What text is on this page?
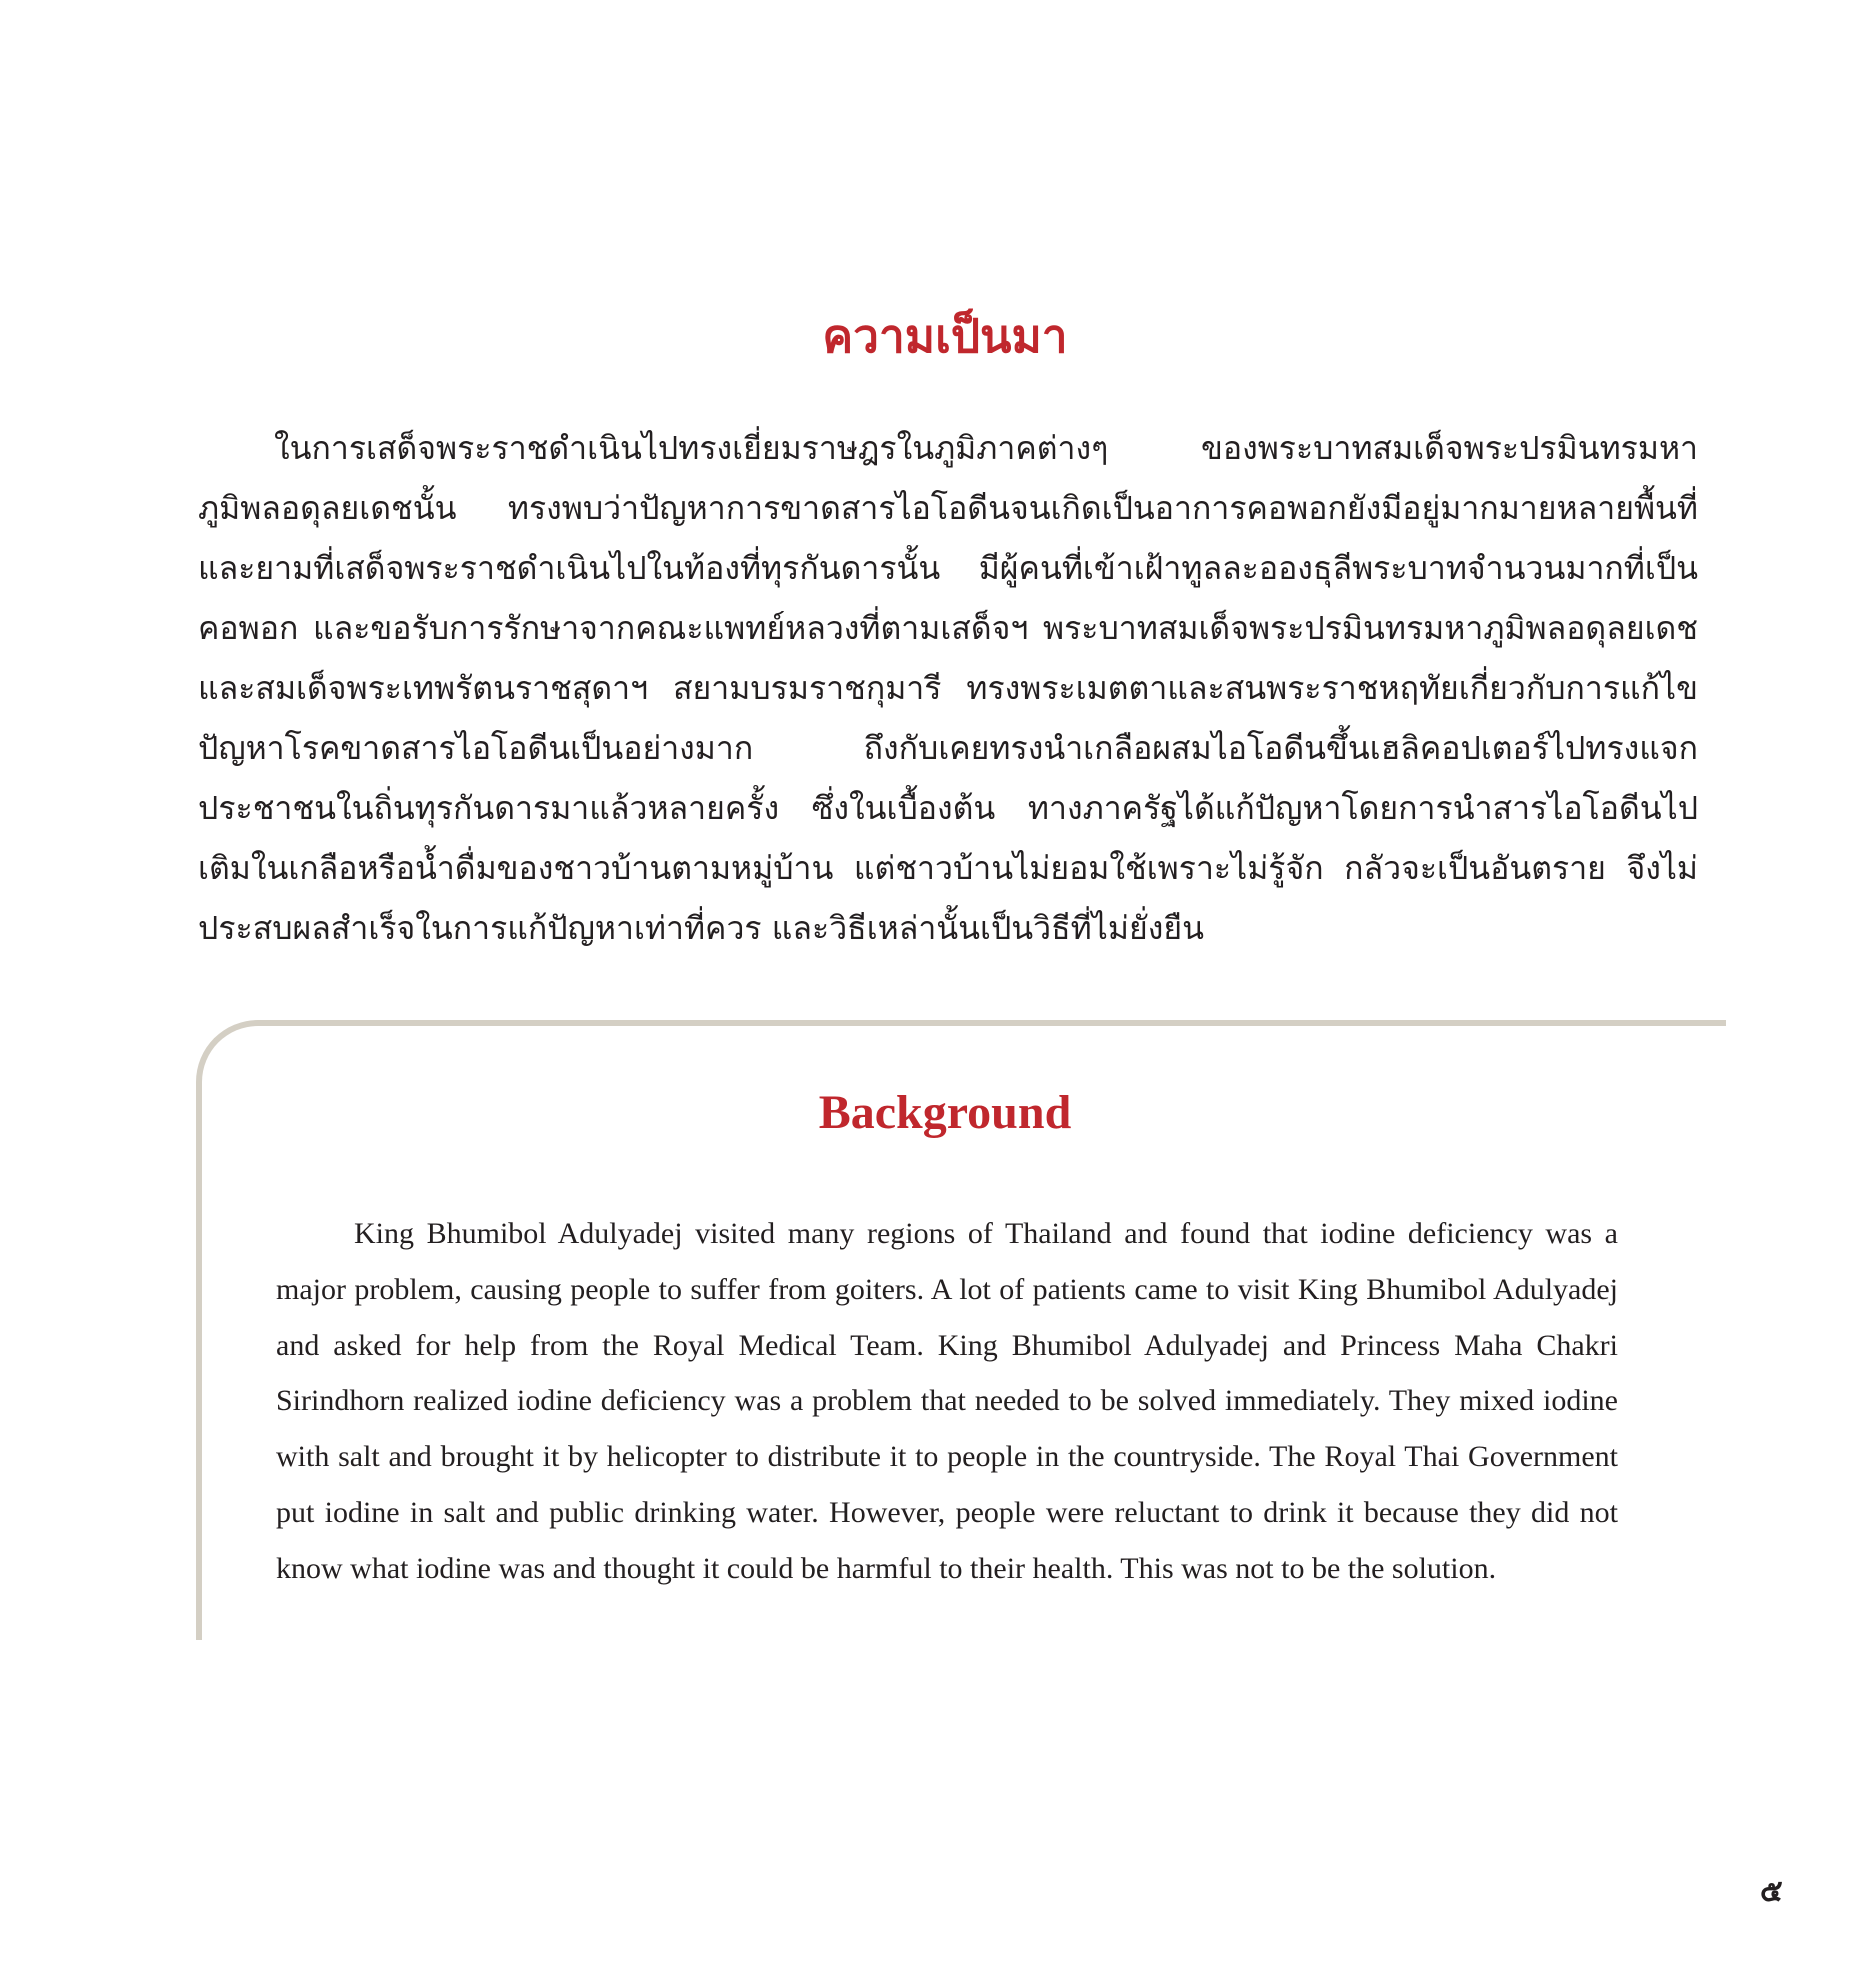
ความเป็นมา

ในการเสด็จพระราชดำเนินไปทรงเยี่ยมราษฎรในภูมิภาคต่างๆ ของพระบาทสมเด็จพระปรมินทรมหาภูมิพลอดุลยเดชนั้น ทรงพบว่าปัญหาการขาดสารไอโอดีนจนเกิดเป็นอาการคอพอกยังมีอยู่มากมายหลายพื้นที่ และยามที่เสด็จพระราชดำเนินไปในท้องที่ทุรกันดารนั้น มีผู้คนที่เข้าเฝ้าทูลละอองธุลีพระบาทจำนวนมากที่เป็นคอพอก และขอรับการรักษาจากคณะแพทย์หลวงที่ตามเสด็จฯ พระบาทสมเด็จพระปรมินทรมหาภูมิพลอดุลยเดชและสมเด็จพระเทพรัตนราชสุดาฯ สยามบรมราชกุมารี ทรงพระเมตตาและสนพระราชหฤทัยเกี่ยวกับการแก้ไขปัญหาโรคขาดสารไอโอดีนเป็นอย่างมาก ถึงกับเคยทรงนำเกลือผสมไอโอดีนขึ้นเฮลิคอปเตอร์ไปทรงแจกประชาชนในถิ่นทุรกันดารมาแล้วหลายครั้ง ซึ่งในเบื้องต้น ทางภาครัฐได้แก้ปัญหาโดยการนำสารไอโอดีนไปเติมในเกลือหรือน้ำดื่มของชาวบ้านตามหมู่บ้าน แต่ชาวบ้านไม่ยอมใช้เพราะไม่รู้จัก กลัวจะเป็นอันตราย จึงไม่ประสบผลสำเร็จในการแก้ปัญหาเท่าที่ควร และวิธีเหล่านั้นเป็นวิธีที่ไม่ยั่งยืน

Background

King Bhumibol Adulyadej visited many regions of Thailand and found that iodine deficiency was a major problem, causing people to suffer from goiters. A lot of patients came to visit King Bhumibol Adulyadej and asked for help from the Royal Medical Team. King Bhumibol Adulyadej and Princess Maha Chakri Sirindhorn realized iodine deficiency was a problem that needed to be solved immediately. They mixed iodine with salt and brought it by helicopter to distribute it to people in the countryside. The Royal Thai Government put iodine in salt and public drinking water. However, people were reluctant to drink it because they did not know what iodine was and thought it could be harmful to their health. This was not to be the solution.

๕
